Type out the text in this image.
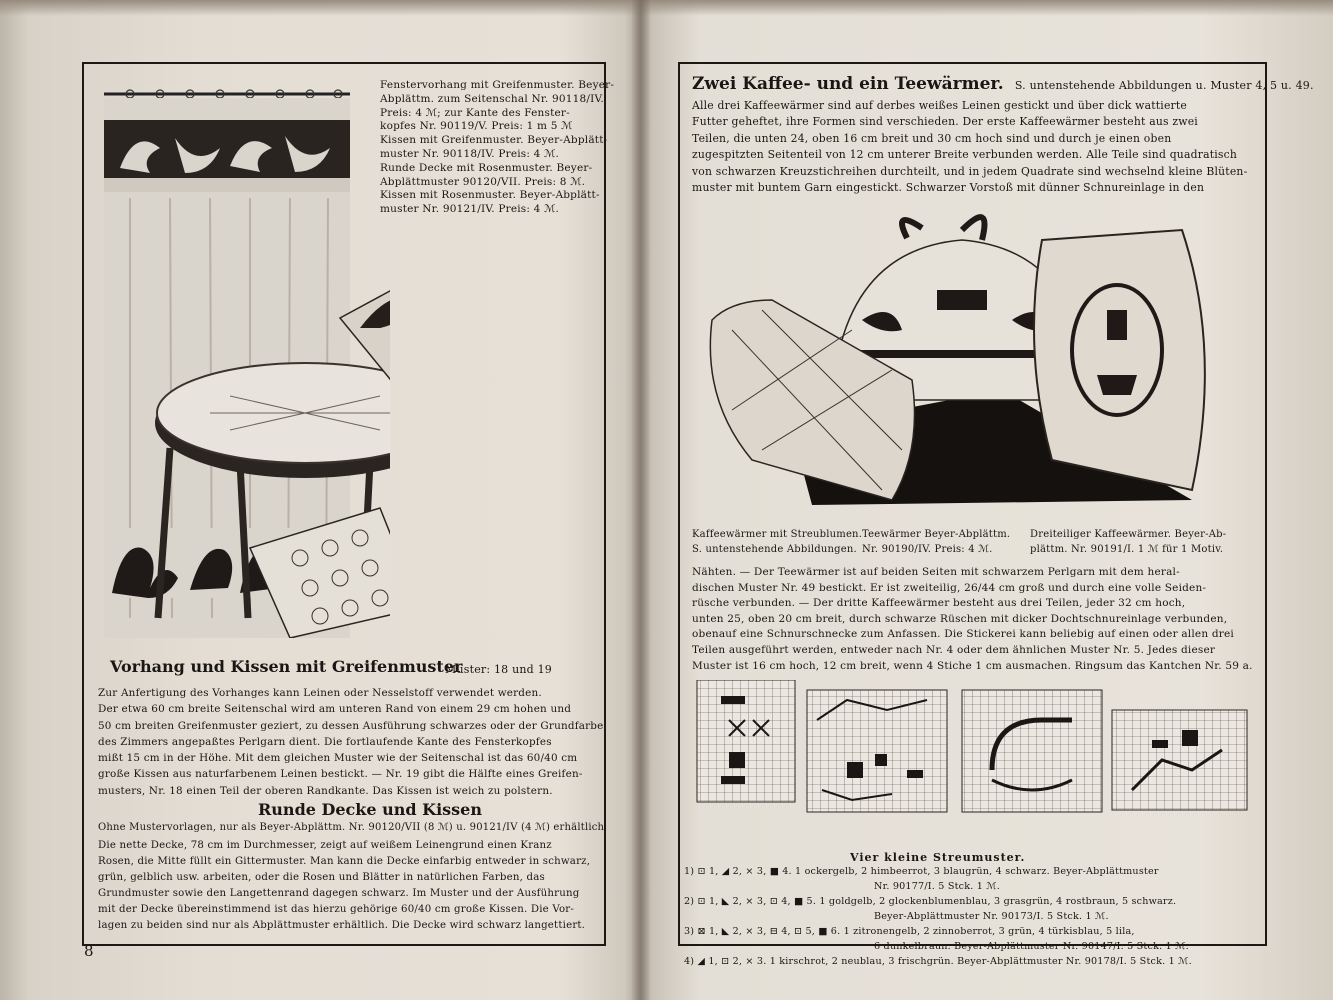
Fenstervorhang mit Greifenmuster. Beyer-
Abplättm. zum Seitenschal Nr. 90118/IV.
Preis: 4 ℳ; zur Kante des Fenster-
kopfes Nr. 90119/V. Preis: 1 m 5 ℳ
Kissen mit Greifenmuster. Beyer-Abplätt-
muster Nr. 90118/IV. Preis: 4 ℳ.
Runde Decke mit Rosenmuster. Beyer-
Abplättmuster 90120/VII. Preis: 8 ℳ.
Kissen mit Rosenmuster. Beyer-Abplätt-
muster Nr. 90121/IV. Preis: 4 ℳ.
Vorhang und Kissen mit Greifenmuster
Muster: 18 und 19
Zur Anfertigung des Vorhanges kann Leinen oder Nesselstoff verwendet werden.
Der etwa 60 cm breite Seitenschal wird am unteren Rand von einem 29 cm hohen und
50 cm breiten Greifenmuster geziert, zu dessen Ausführung schwarzes oder der Grundfarbe
des Zimmers angepaßtes Perlgarn dient. Die fortlaufende Kante des Fensterkopfes
mißt 15 cm in der Höhe. Mit dem gleichen Muster wie der Seitenschal ist das 60/40 cm
große Kissen aus naturfarbenem Leinen bestickt. — Nr. 19 gibt die Hälfte eines Greifen-
musters, Nr. 18 einen Teil der oberen Randkante. Das Kissen ist weich zu polstern.
Runde Decke und Kissen
Ohne Mustervorlagen, nur als Beyer-Abplättm. Nr. 90120/VII (8 ℳ) u. 90121/IV (4 ℳ) erhältlich
Die nette Decke, 78 cm im Durchmesser, zeigt auf weißem Leinengrund einen Kranz
Rosen, die Mitte füllt ein Gittermuster. Man kann die Decke einfarbig entweder in schwarz,
grün, gelblich usw. arbeiten, oder die Rosen und Blätter in natürlichen Farben, das
Grundmuster sowie den Langettenrand dagegen schwarz. Im Muster und der Ausführung
mit der Decke übereinstimmend ist das hierzu gehörige 60/40 cm große Kissen. Die Vor-
lagen zu beiden sind nur als Abplättmuster erhältlich. Die Decke wird schwarz langettiert.
8
Zwei Kaffee- und ein Teewärmer. S. untenstehende Abbildungen u. Muster 4, 5 u. 49.
Alle drei Kaffeewärmer sind auf derbes weißes Leinen gestickt und über dick wattierte
Futter geheftet, ihre Formen sind verschieden. Der erste Kaffeewärmer besteht aus zwei
Teilen, die unten 24, oben 16 cm breit und 30 cm hoch sind und durch je einen oben
zugespitzten Seitenteil von 12 cm unterer Breite verbunden werden. Alle Teile sind quadratisch
von schwarzen Kreuzstichreihen durchteilt, und in jedem Quadrate sind wechselnd kleine Blüten-
muster mit buntem Garn eingestickt. Schwarzer Vorstoß mit dünner Schnureinlage in den
Kaffeewärmer mit Streublumen.
S. untenstehende Abbildungen.
Teewärmer Beyer-Abplättm.
Nr. 90190/IV. Preis: 4 ℳ.
Dreiteiliger Kaffeewärmer. Beyer-Ab-
plättm. Nr. 90191/I. 1 ℳ für 1 Motiv.
Nähten. — Der Teewärmer ist auf beiden Seiten mit schwarzem Perlgarn mit dem heral-
dischen Muster Nr. 49 bestickt. Er ist zweiteilig, 26/44 cm groß und durch eine volle Seiden-
rüsche verbunden. — Der dritte Kaffeewärmer besteht aus drei Teilen, jeder 32 cm hoch,
unten 25, oben 20 cm breit, durch schwarze Rüschen mit dicker Dochtschnureinlage verbunden,
obenauf eine Schnurschnecke zum Anfassen. Die Stickerei kann beliebig auf einen oder allen drei
Teilen ausgeführt werden, entweder nach Nr. 4 oder dem ähnlichen Muster Nr. 5. Jedes dieser
Muster ist 16 cm hoch, 12 cm breit, wenn 4 Stiche 1 cm ausmachen. Ringsum das Kantchen Nr. 59 a.
Vier kleine Streumuster.
1) ⊡ 1, ◢ 2, × 3, ■ 4. 1 ockergelb, 2 himbeerrot, 3 blaugrün, 4 schwarz. Beyer-Abplättmuster
Nr. 90177/I. 5 Stck. 1 ℳ.
2) ⊡ 1, ◣ 2, × 3, ⊡ 4, ■ 5. 1 goldgelb, 2 glockenblumenblau, 3 grasgrün, 4 rostbraun, 5 schwarz.
Beyer-Abplättmuster Nr. 90173/I. 5 Stck. 1 ℳ.
3) ⊠ 1, ◣ 2, × 3, ⊟ 4, ⊡ 5, ■ 6. 1 zitronengelb, 2 zinnoberrot, 3 grün, 4 türkisblau, 5 lila,
6 dunkelbraun. Beyer-Abplättmuster Nr. 90147/I. 5 Stck. 1 ℳ.
4) ◢ 1, ⊡ 2, × 3. 1 kirschrot, 2 neublau, 3 frischgrün. Beyer-Abplättmuster Nr. 90178/I. 5 Stck. 1 ℳ.
